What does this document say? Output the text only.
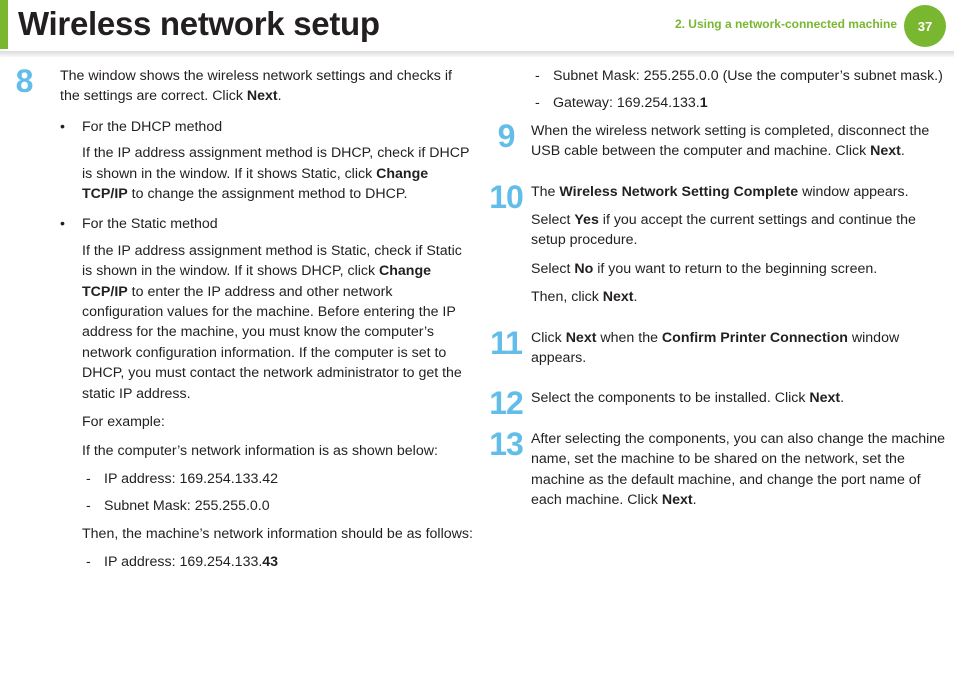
Wireless network setup	2. Using a network-connected machine	37
8	The window shows the wireless network settings and checks if the settings are correct. Click Next.

• For the DHCP method

If the IP address assignment method is DHCP, check if DHCP is shown in the window. If it shows Static, click Change TCP/IP to change the assignment method to DHCP.

• For the Static method

If the IP address assignment method is Static, check if Static is shown in the window. If it shows DHCP, click Change TCP/IP to enter the IP address and other network configuration values for the machine. Before entering the IP address for the machine, you must know the computer’s network configuration information. If the computer is set to DHCP, you must contact the network administrator to get the static IP address.

For example:

If the computer’s network information is as shown below:

- IP address: 169.254.133.42
- Subnet Mask: 255.255.0.0

Then, the machine’s network information should be as follows:

- IP address: 169.254.133.43
- Subnet Mask: 255.255.0.0 (Use the computer’s subnet mask.)
- Gateway: 169.254.133.1
9	When the wireless network setting is completed, disconnect the USB cable between the computer and machine. Click Next.

10 The Wireless Network Setting Complete window appears.

Select Yes if you accept the current settings and continue the setup procedure.

Select No if you want to return to the beginning screen.

Then, click Next.

11 Click Next when the Confirm Printer Connection window appears.

12 Select the components to be installed. Click Next.

13 After selecting the components, you can also change the machine name, set the machine to be shared on the network, set the machine as the default machine, and change the port name of each machine. Click Next.
